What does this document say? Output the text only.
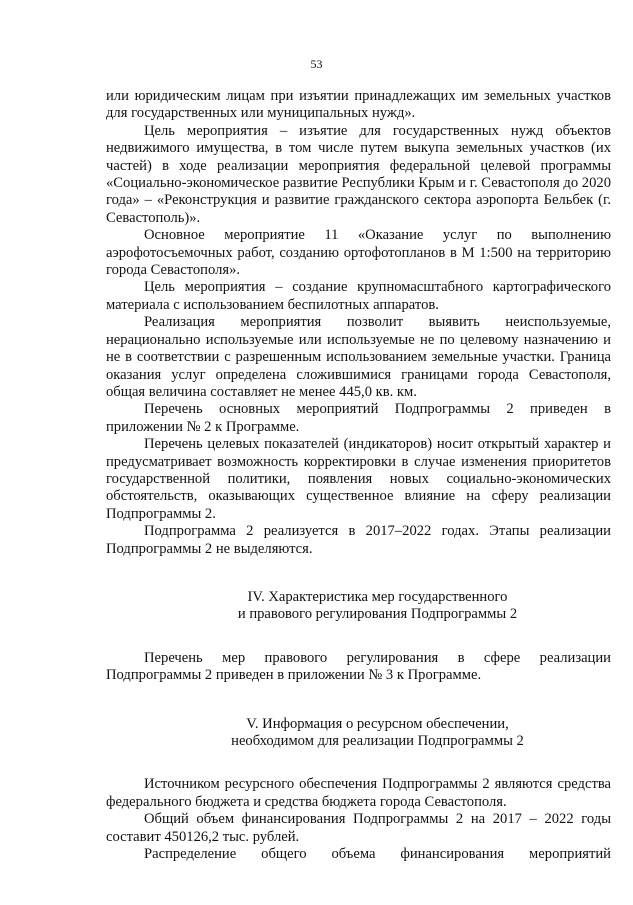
53

или юридическим лицам при изъятии принадлежащих им земельных участков для государственных или муниципальных нужд».

Цель мероприятия – изъятие для государственных нужд объектов недвижимого имущества, в том числе путем выкупа земельных участков (их частей) в ходе реализации мероприятия федеральной целевой программы «Социально-экономическое развитие Республики Крым и г. Севастополя до 2020 года» – «Реконструкция и развитие гражданского сектора аэропорта Бельбек (г. Севастополь)».

Основное мероприятие 11 «Оказание услуг по выполнению аэрофотосъемочных работ, созданию ортофотопланов в М 1:500 на территорию города Севастополя».

Цель мероприятия – создание крупномасштабного картографического материала с использованием беспилотных аппаратов.

Реализация мероприятия позволит выявить неиспользуемые, нерационально используемые или используемые не по целевому назначению и не в соответствии с разрешенным использованием земельные участки. Граница оказания услуг определена сложившимися границами города Севастополя, общая величина составляет не менее 445,0 кв. км.

Перечень основных мероприятий Подпрограммы 2 приведен в приложении № 2 к Программе.

Перечень целевых показателей (индикаторов) носит открытый характер и предусматривает возможность корректировки в случае изменения приоритетов государственной политики, появления новых социально-экономических обстоятельств, оказывающих существенное влияние на сферу реализации Подпрограммы 2.

Подпрограмма 2 реализуется в 2017–2022 годах. Этапы реализации Подпрограммы 2 не выделяются.

IV. Характеристика мер государственного
и правового регулирования Подпрограммы 2

Перечень мер правового регулирования в сфере реализации Подпрограммы 2 приведен в приложении № 3 к Программе.

V. Информация о ресурсном обеспечении,
необходимом для реализации Подпрограммы 2

Источником ресурсного обеспечения Подпрограммы 2 являются средства федерального бюджета и средства бюджета города Севастополя.

Общий объем финансирования Подпрограммы 2 на 2017 – 2022 годы составит 450126,2 тыс. рублей.

Распределение общего объема финансирования мероприятий
